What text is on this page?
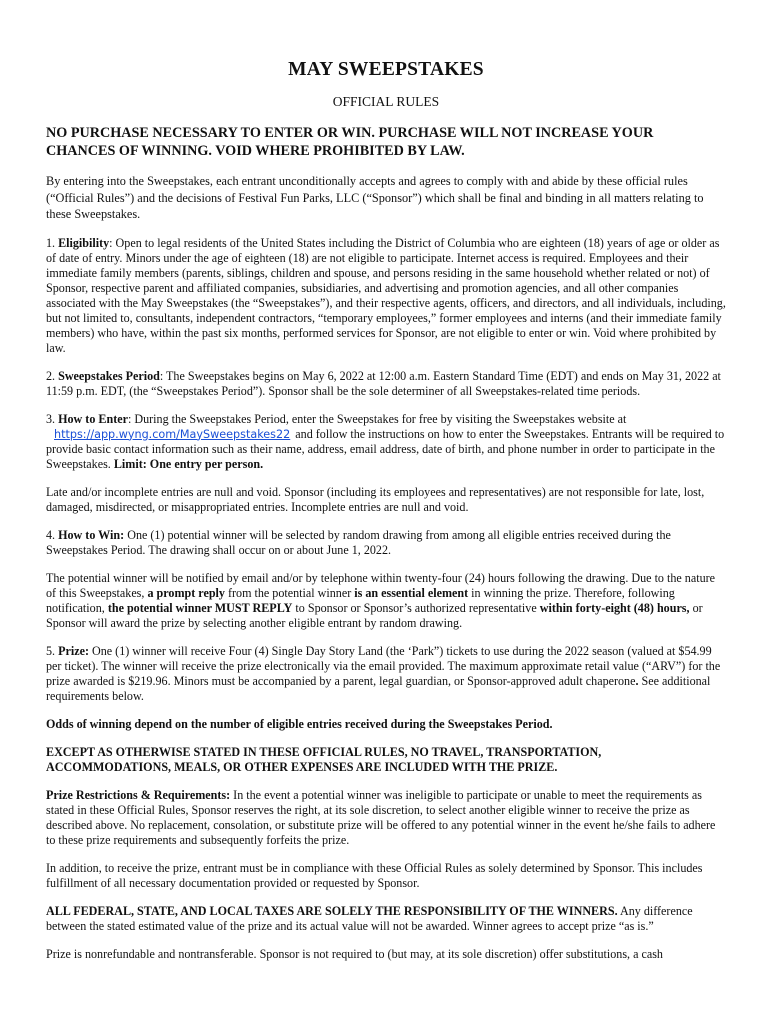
MAY SWEEPSTAKES
OFFICIAL RULES
NO PURCHASE NECESSARY TO ENTER OR WIN. PURCHASE WILL NOT INCREASE YOUR CHANCES OF WINNING. VOID WHERE PROHIBITED BY LAW.

By entering into the Sweepstakes, each entrant unconditionally accepts and agrees to comply with and abide by these official rules (“Official Rules”) and the decisions of Festival Fun Parks, LLC (“Sponsor”) which shall be final and binding in all matters relating to these Sweepstakes.

1. Eligibility: Open to legal residents of the United States including the District of Columbia who are eighteen (18) years of age or older as of date of entry. Minors under the age of eighteen (18) are not eligible to participate. Internet access is required. Employees and their immediate family members (parents, siblings, children and spouse, and persons residing in the same household whether related or not) of Sponsor, respective parent and affiliated companies, subsidiaries, and advertising and promotion agencies, and all other companies associated with the May Sweepstakes (the “Sweepstakes”), and their respective agents, officers, and directors, and all individuals, including, but not limited to, consultants, independent contractors, “temporary employees,” former employees and interns (and their immediate family members) who have, within the past six months, performed services for Sponsor, are not eligible to enter or win. Void where prohibited by law.

2. Sweepstakes Period: The Sweepstakes begins on May 6, 2022 at 12:00 a.m. Eastern Standard Time (EDT) and ends on May 31, 2022 at 11:59 p.m. EDT, (the “Sweepstakes Period”). Sponsor shall be the sole determiner of all Sweepstakes-related time periods.

3. How to Enter: During the Sweepstakes Period, enter the Sweepstakes for free by visiting the Sweepstakes website at https://app.wyng.com/MaySweepstakes22 and follow the instructions on how to enter the Sweepstakes. Entrants will be required to provide basic contact information such as their name, address, email address, date of birth, and phone number in order to participate in the Sweepstakes. Limit: One entry per person.

Late and/or incomplete entries are null and void. Sponsor (including its employees and representatives) are not responsible for late, lost, damaged, misdirected, or misappropriated entries. Incomplete entries are null and void.

4. How to Win: One (1) potential winner will be selected by random drawing from among all eligible entries received during the Sweepstakes Period. The drawing shall occur on or about June 1, 2022.

The potential winner will be notified by email and/or by telephone within twenty-four (24) hours following the drawing. Due to the nature of this Sweepstakes, a prompt reply from the potential winner is an essential element in winning the prize. Therefore, following notification, the potential winner MUST REPLY to Sponsor or Sponsor’s authorized representative within forty-eight (48) hours, or Sponsor will award the prize by selecting another eligible entrant by random drawing.

5. Prize: One (1) winner will receive Four (4) Single Day Story Land (the ‘Park”) tickets to use during the 2022 season (valued at $54.99 per ticket). The winner will receive the prize electronically via the email provided. The maximum approximate retail value (“ARV”) for the prize awarded is $219.96. Minors must be accompanied by a parent, legal guardian, or Sponsor-approved adult chaperone. See additional requirements below.

Odds of winning depend on the number of eligible entries received during the Sweepstakes Period.

EXCEPT AS OTHERWISE STATED IN THESE OFFICIAL RULES, NO TRAVEL, TRANSPORTATION, ACCOMMODATIONS, MEALS, OR OTHER EXPENSES ARE INCLUDED WITH THE PRIZE.

Prize Restrictions & Requirements: In the event a potential winner was ineligible to participate or unable to meet the requirements as stated in these Official Rules, Sponsor reserves the right, at its sole discretion, to select another eligible winner to receive the prize as described above. No replacement, consolation, or substitute prize will be offered to any potential winner in the event he/she fails to adhere to these prize requirements and subsequently forfeits the prize.

In addition, to receive the prize, entrant must be in compliance with these Official Rules as solely determined by Sponsor. This includes fulfillment of all necessary documentation provided or requested by Sponsor.

ALL FEDERAL, STATE, AND LOCAL TAXES ARE SOLELY THE RESPONSIBILITY OF THE WINNERS. Any difference between the stated estimated value of the prize and its actual value will not be awarded. Winner agrees to accept prize “as is.”

Prize is nonrefundable and nontransferable. Sponsor is not required to (but may, at its sole discretion) offer substitutions, a cash
